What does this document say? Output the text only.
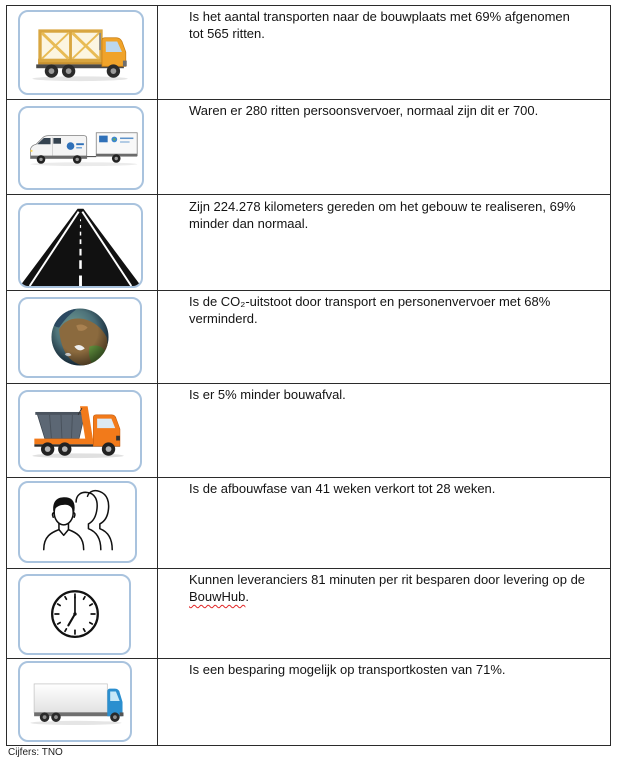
Is het aantal transporten naar de bouwplaats met 69% afgenomen
tot 565 ritten.
Waren er 280 ritten persoonsvervoer, normaal zijn dit er 700.
Zijn 224.278 kilometers gereden om het gebouw te realiseren, 69%
minder dan normaal.
Is de CO₂-uitstoot door transport en personenvervoer met 68%
verminderd.
Is er 5% minder bouwafval.
Is de afbouwfase van 41 weken verkort tot 28 weken.
Kunnen leveranciers 81 minuten per rit besparen door levering op de
BouwHub.
Is een besparing mogelijk op transportkosten van 71%.
Cijfers: TNO
